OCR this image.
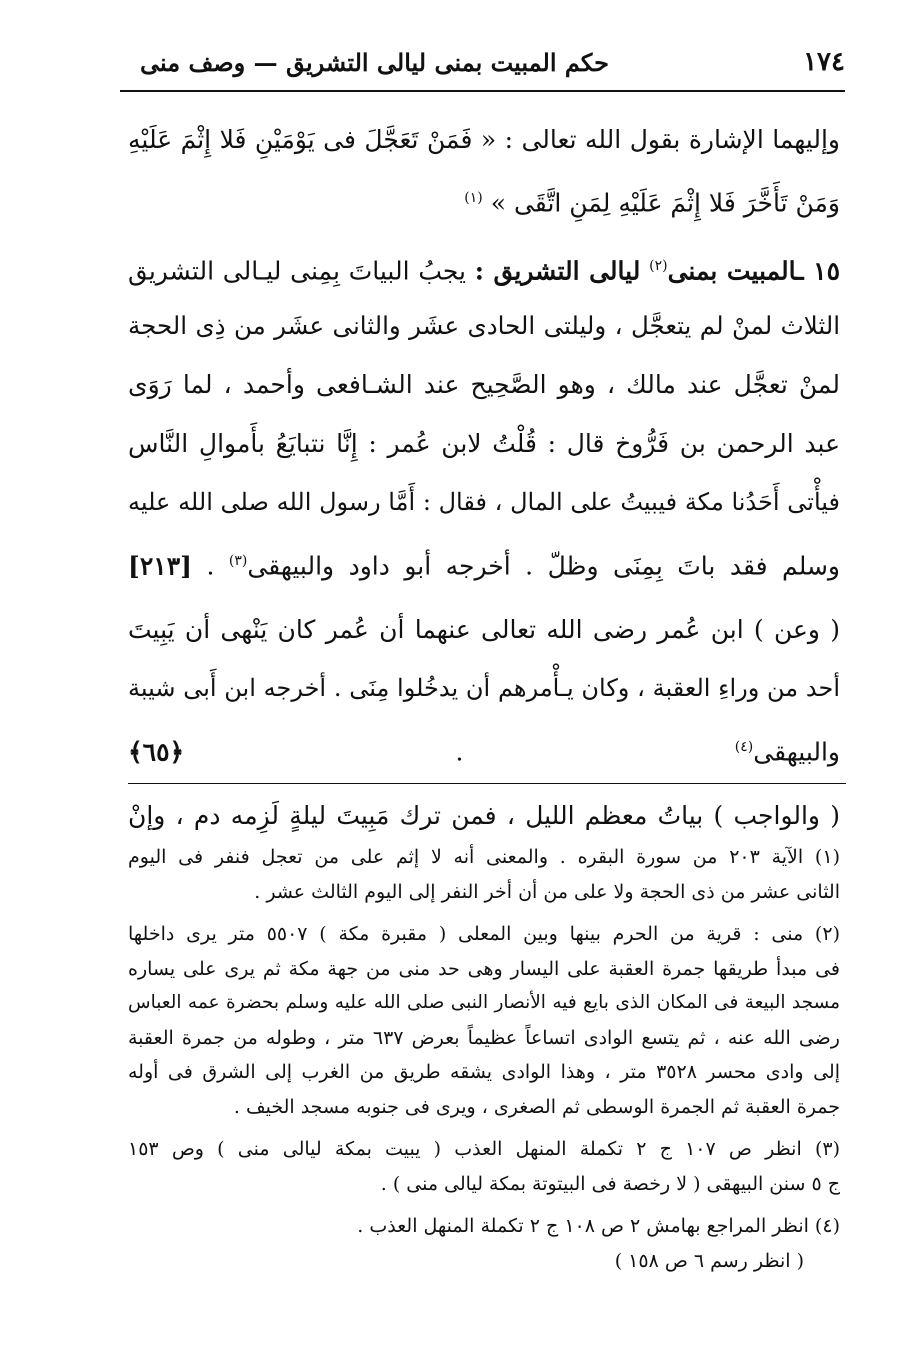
١٧٤
حكم المبيت بمنى ليالى التشريق — وصف منى
وإليهما الإشارة بقول الله تعالى : « فَمَنْ تَعَجَّلَ فى يَوْمَيْنِ فَلا إِثْمَ عَلَيْهِ
وَمَنْ تَأَخَّرَ فَلا إِثْمَ عَلَيْهِ لِمَنِ اتَّقَى » $^{(١)}$
١٥ ـالمبيت بمنى$^{(٢)}$ ليالى التشريق : يجبُ البياتَ بِمِنى ليـالى التشريق
الثلاث لمنْ لم يتعجَّل ، وليلتى الحادى عشَر والثانى عشَر من ذِى الحجة
لمنْ تعجَّل عند مالك ، وهو الصَّحِيح عند الشـافعى وأحمد ، لما رَوَى
عبد الرحمن بن فَرُّوخ قال : قُلْتُ لابن عُمر : إِنَّا نتبايَعُ بأَموالِ النَّاس
فيأْتى أَحَدُنا مكة فيبيتُ على المال ، فقال : أَمَّا رسول الله صلى الله عليه
وسلم فقد باتَ بِمِنَى وظلّ . أخرجه أبو داود والبيهقى$^{(٣)}$ . [٢١٣]
( وعن ) ابن عُمر رضى الله تعالى عنهما أن عُمر كان يَنْهى أن يَبِيتَ
أحد من وراءِ العقبة ، وكان يـأْمرهم أن يدخُلوا مِنَى . أخرجه ابن أَبى شيبة
والبيهقى$^{(٤)}$ . ﴿٦٥﴾
( والواجب ) بياتُ معظم الليل ، فمن ترك مَبِيتَ ليلةٍ لَزِمه دم ، وإنْ
(١) الآية ٢٠٣ من سورة البقره . والمعنى أنه لا إثم على من تعجل فنفر فى اليوم
الثانى عشر من ذى الحجة ولا على من أن أخر النفر إلى اليوم الثالث عشر .
(٢) منى : قرية من الحرم بينها وبين المعلى ( مقبرة مكة ) ٥٥٠٧ متر يرى داخلها
فى مبدأ طريقها جمرة العقبة على اليسار وهى حد منى من جهة مكة ثم يرى على يساره
مسجد البيعة فى المكان الذى بايع فيه الأنصار النبى صلى الله عليه وسلم بحضرة عمه العباس
رضى الله عنه ، ثم يتسع الوادى اتساعاً عظيماً بعرض ٦٣٧ متر ، وطوله من جمرة العقبة
إلى وادى محسر ٣٥٢٨ متر ، وهذا الوادى يشقه طريق من الغرب إلى الشرق فى أوله
جمرة العقبة ثم الجمرة الوسطى ثم الصغرى ، ويرى فى جنوبه مسجد الخيف .
(٣) انظر ص ١٠٧ ج ٢ تكملة المنهل العذب ( يبيت بمكة ليالى منى ) وص ١٥٣
ج ٥ سنن البيهقى ( لا رخصة فى البيتوتة بمكة ليالى منى ) .
(٤) انظر المراجع بهامش ٢ ص ١٠٨ ج ٢ تكملة المنهل العذب .
( انظر رسم ٦ ص ١٥٨ )
